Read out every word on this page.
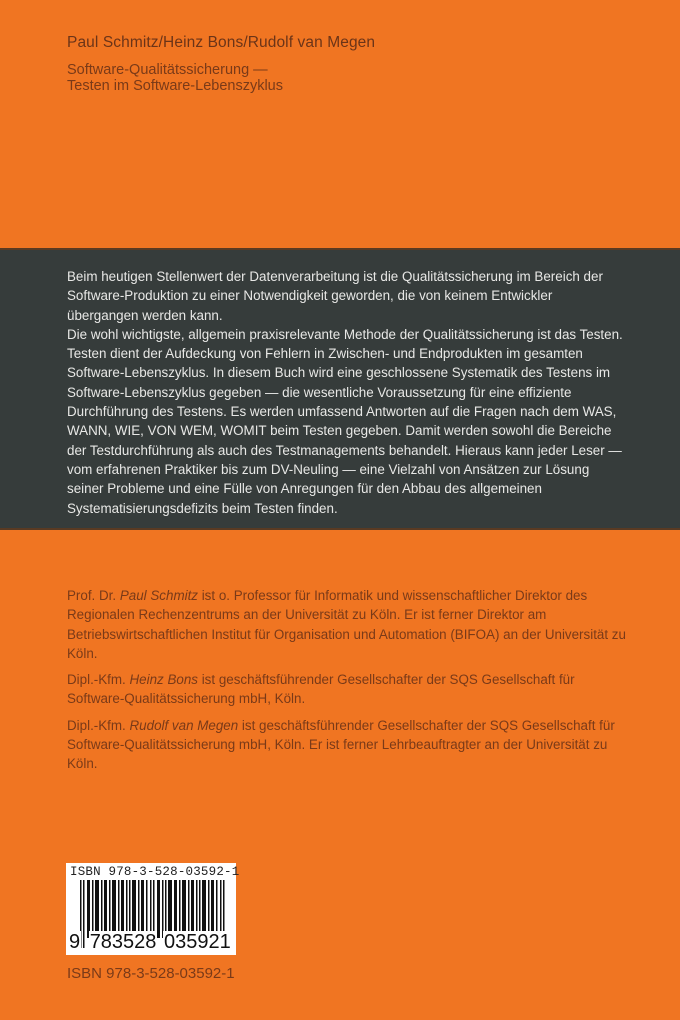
Paul Schmitz/Heinz Bons/Rudolf van Megen
Software-Qualitätssicherung —
Testen im Software-Lebenszyklus

Beim heutigen Stellenwert der Datenverarbeitung ist die Qualitätssicherung im Bereich der Software-Produktion zu einer Notwendigkeit geworden, die von keinem Entwickler übergangen werden kann.

Die wohl wichtigste, allgemein praxisrelevante Methode der Qualitätssicherung ist das Testen. Testen dient der Aufdeckung von Fehlern in Zwischen- und Endprodukten im gesamten Software-Lebenszyklus. In diesem Buch wird eine geschlossene Systematik des Testens im Software-Lebenszyklus gegeben — die wesentliche Voraussetzung für eine effiziente Durchführung des Testens. Es werden umfassend Antworten auf die Fragen nach dem WAS, WANN, WIE, VON WEM, WOMIT beim Testen gegeben. Damit werden sowohl die Bereiche der Testdurchführung als auch des Testmanagements behandelt. Hieraus kann jeder Leser — vom erfahrenen Praktiker bis zum DV-Neuling — eine Vielzahl von Ansätzen zur Lösung seiner Probleme und eine Fülle von Anregungen für den Abbau des allgemeinen Systematisierungsdefizits beim Testen finden.

Prof. Dr. Paul Schmitz ist o. Professor für Informatik und wissenschaftlicher Direktor des Regionalen Rechenzentrums an der Universität zu Köln. Er ist ferner Direktor am Betriebswirtschaftlichen Institut für Organisation und Automation (BIFOA) an der Universität zu Köln.

Dipl.-Kfm. Heinz Bons ist geschäftsführender Gesellschafter der SQS Gesellschaft für Software-Qualitätssicherung mbH, Köln.

Dipl.-Kfm. Rudolf van Megen ist geschäftsführender Gesellschafter der SQS Gesellschaft für Software-Qualitätssicherung mbH, Köln. Er ist ferner Lehrbeauftragter an der Universität zu Köln.

ISBN 978-3-528-03592-1
9 783528 035921
ISBN 978-3-528-03592-1
